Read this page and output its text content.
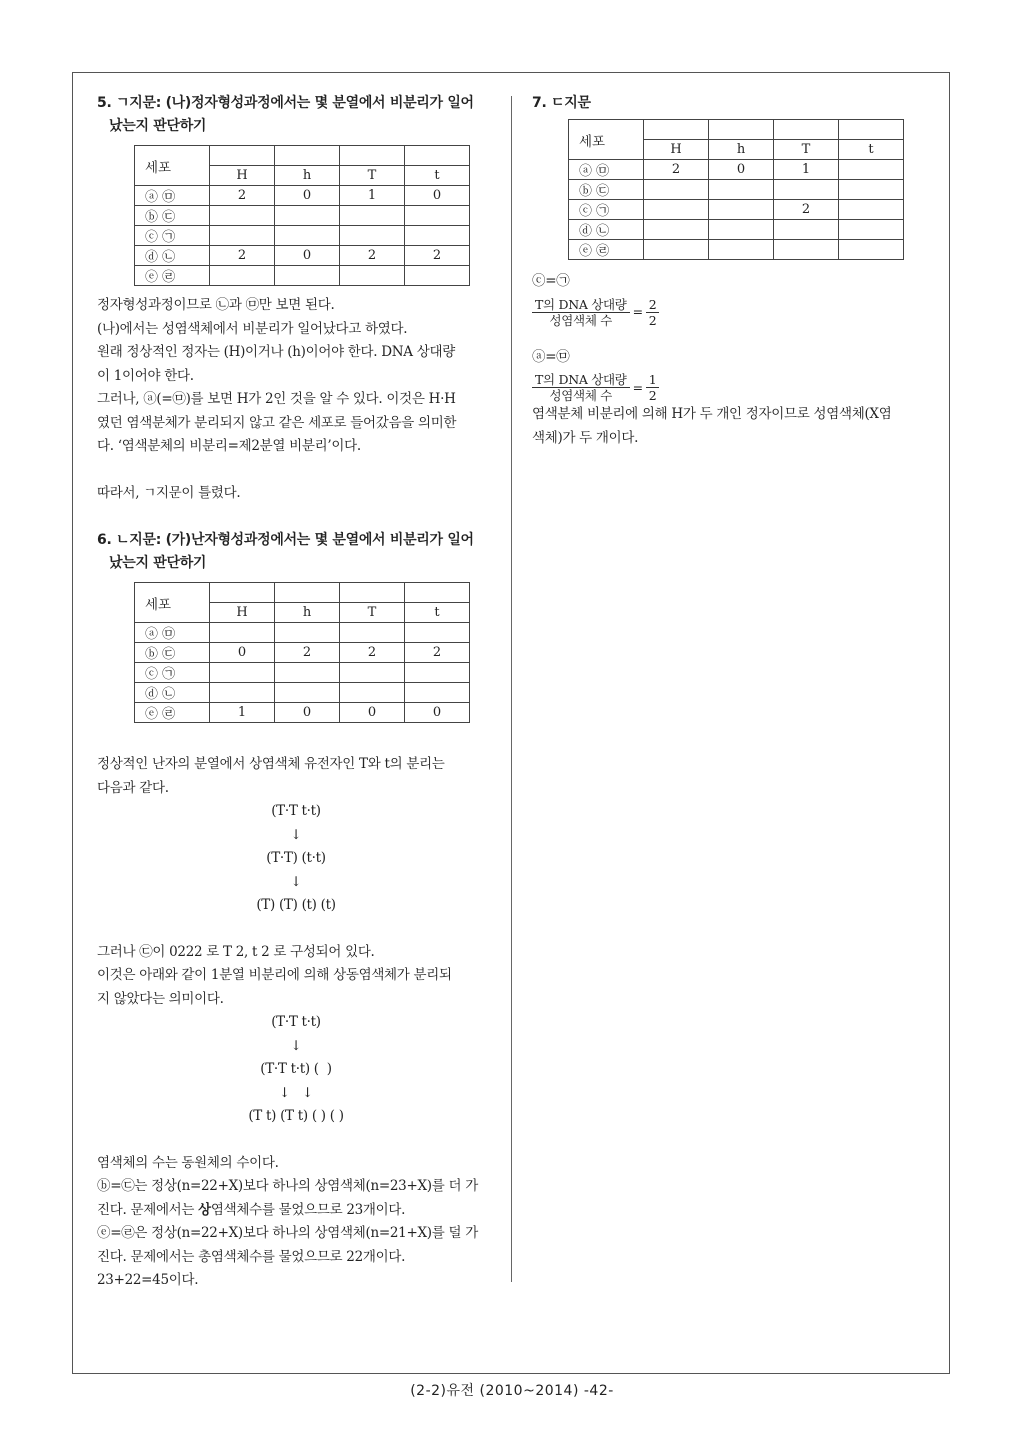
5. ㄱ지문: (나)정자형성과정에서는 몇 분열에서 비분리가 일어
났는지 판단하기
세포				
	H	h	T	t
ⓐ ㉤	2	0	1	0
ⓑ ㉢				
ⓒ ㉠				
ⓓ ㉡	2	0	2	2
ⓔ ㉣				
정자형성과정이므로 ㉡과 ㉤만 보면 된다.
(나)에서는 성염색체에서 비분리가 일어났다고 하였다.
원래 정상적인 정자는 (H)이거나 (h)이어야 한다. DNA 상대량
이 1이어야 한다.
그러나, ⓐ(=㉤)를 보면 H가 2인 것을 알 수 있다. 이것은 H·H
였던 염색분체가 분리되지 않고 같은 세포로 들어갔음을 의미한
다. ‘염색분체의 비분리=제2분열 비분리’이다.
따라서, ㄱ지문이 틀렸다.
6. ㄴ지문: (가)난자형성과정에서는 몇 분열에서 비분리가 일어
났는지 판단하기
세포				
	H	h	T	t
ⓐ ㉤				
ⓑ ㉢	0	2	2	2
ⓒ ㉠				
ⓓ ㉡				
ⓔ ㉣	1	0	0	0
정상적인 난자의 분열에서 상염색체 유전자인 T와 t의 분리는
다음과 같다.
(T·T t·t)
↓
(T·T) (t·t)
↓
(T) (T) (t) (t)
그러나 ㉢이 0222 로 T 2, t 2 로 구성되어 있다.
이것은 아래와 같이 1분열 비분리에 의해 상동염색체가 분리되
지 않았다는 의미이다.
(T·T t·t)
↓
(T·T t·t) (  )
↓   ↓
(T t) (T t) ( ) ( )
염색체의 수는 동원체의 수이다.
ⓑ=㉢는 정상(n=22+X)보다 하나의 상염색체(n=23+X)를 더 가
진다. 문제에서는 상염색체수를 물었으므로 23개이다.
ⓔ=㉣은 정상(n=22+X)보다 하나의 상염색체(n=21+X)를 덜 가
진다. 문제에서는 총염색체수를 물었으므로 22개이다.
23+22=45이다.
7. ㄷ지문
세포				
	H	h	T	t
ⓐ ㉤	2	0	1	
ⓑ ㉢				
ⓒ ㉠			2	
ⓓ ㉡				
ⓔ ㉣				
ⓒ=㉠
T의 DNA 상대량
성염색체 수
= $\frac{2}{2}$
ⓐ=㉤
T의 DNA 상대량
성염색체 수
= $\frac{1}{2}$
염색분체 비분리에 의해 H가 두 개인 정자이므로 성염색체(X염
색체)가 두 개이다.
(2-2)유전 (2010~2014) -42-
